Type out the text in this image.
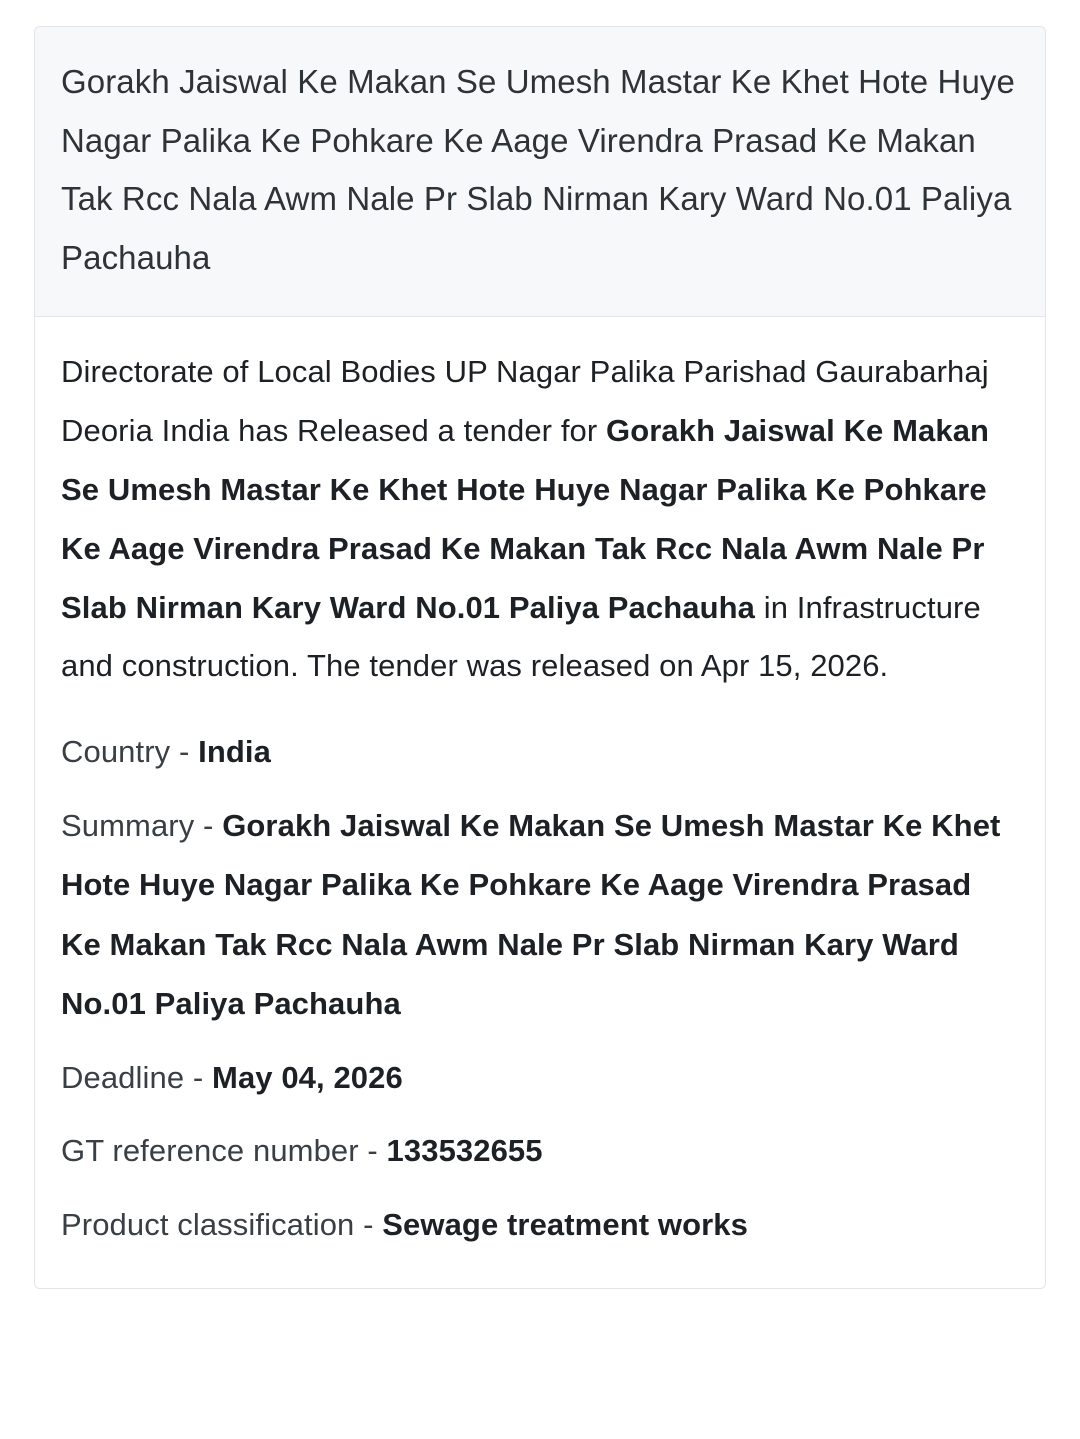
Gorakh Jaiswal Ke Makan Se Umesh Mastar Ke Khet Hote Huye Nagar Palika Ke Pohkare Ke Aage Virendra Prasad Ke Makan Tak Rcc Nala Awm Nale Pr Slab Nirman Kary Ward No.01 Paliya Pachauha

Directorate of Local Bodies UP Nagar Palika Parishad Gaurabarhaj Deoria India has Released a tender for Gorakh Jaiswal Ke Makan Se Umesh Mastar Ke Khet Hote Huye Nagar Palika Ke Pohkare Ke Aage Virendra Prasad Ke Makan Tak Rcc Nala Awm Nale Pr Slab Nirman Kary Ward No.01 Paliya Pachauha in Infrastructure and construction. The tender was released on Apr 15, 2026.

Country - India

Summary - Gorakh Jaiswal Ke Makan Se Umesh Mastar Ke Khet Hote Huye Nagar Palika Ke Pohkare Ke Aage Virendra Prasad Ke Makan Tak Rcc Nala Awm Nale Pr Slab Nirman Kary Ward No.01 Paliya Pachauha

Deadline - May 04, 2026

GT reference number - 133532655

Product classification - Sewage treatment works
